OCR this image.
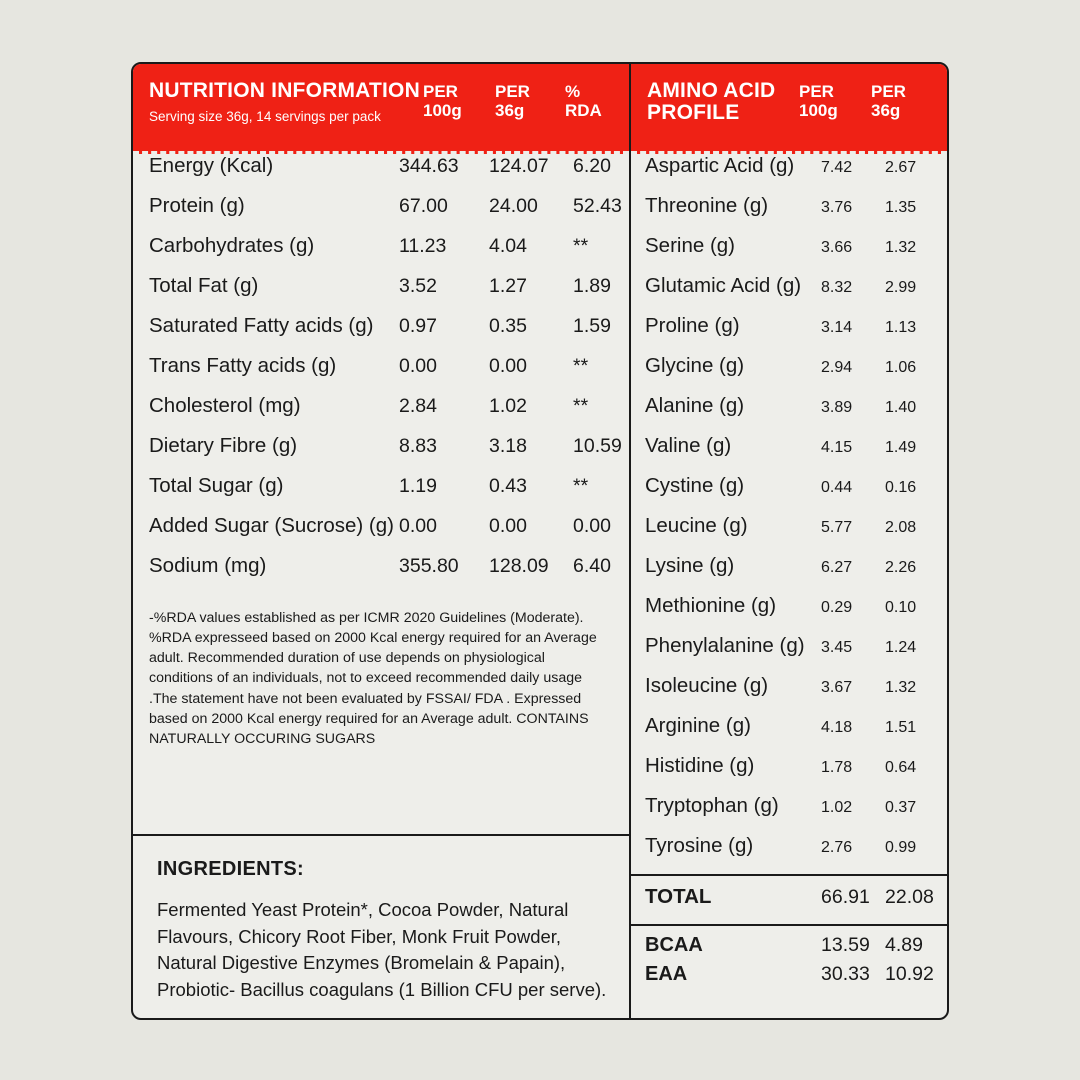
NUTRITION INFORMATION
Serving size 36g, 14 servings per pack
PER
100g
PER
36g
%
RDA
Energy (Kcal)	344.63	124.07	6.20
Protein (g)	67.00	24.00	52.43
Carbohydrates (g)	11.23	4.04	**
Total Fat (g)	3.52	1.27	1.89
Saturated Fatty acids (g)	0.97	0.35	1.59
Trans Fatty acids (g)	0.00	0.00	**
Cholesterol (mg)	2.84	1.02	**
Dietary Fibre (g)	8.83	3.18	10.59
Total Sugar (g)	1.19	0.43	**
Added Sugar (Sucrose) (g) 0.00	0.00	0.00
Sodium (mg)	355.80	128.09	6.40
-%RDA values established as per ICMR 2020 Guidelines (Moderate). %RDA expresseed based on 2000 Kcal energy required for an Average adult. Recommended duration of use depends on physiological conditions of an individuals, not to exceed recommended daily usage .The statement have not been evaluated by FSSAI/ FDA . Expressed based on 2000 Kcal energy required for an Average adult. CONTAINS NATURALLY OCCURING SUGARS
INGREDIENTS:
Fermented Yeast Protein*, Cocoa Powder, Natural Flavours, Chicory Root Fiber, Monk Fruit Powder, Natural Digestive Enzymes (Bromelain & Papain), Probiotic- Bacillus coagulans (1 Billion CFU per serve).
AMINO ACID
PROFILE
PER
100g
PER
36g
Aspartic Acid (g)	7.42	2.67
Threonine (g)	3.76	1.35
Serine (g)	3.66	1.32
Glutamic Acid (g)	8.32	2.99
Proline (g)	3.14	1.13
Glycine (g)	2.94	1.06
Alanine (g)	3.89	1.40
Valine (g)	4.15	1.49
Cystine (g)	0.44	0.16
Leucine (g)	5.77	2.08
Lysine (g)	6.27	2.26
Methionine (g)	0.29	0.10
Phenylalanine (g)	3.45	1.24
Isoleucine (g)	3.67	1.32
Arginine (g)	4.18	1.51
Histidine (g)	1.78	0.64
Tryptophan (g)	1.02	0.37
Tyrosine (g)	2.76	0.99
TOTAL	66.91 22.08
BCAA	13.59 4.89
EAA	30.33 10.92
